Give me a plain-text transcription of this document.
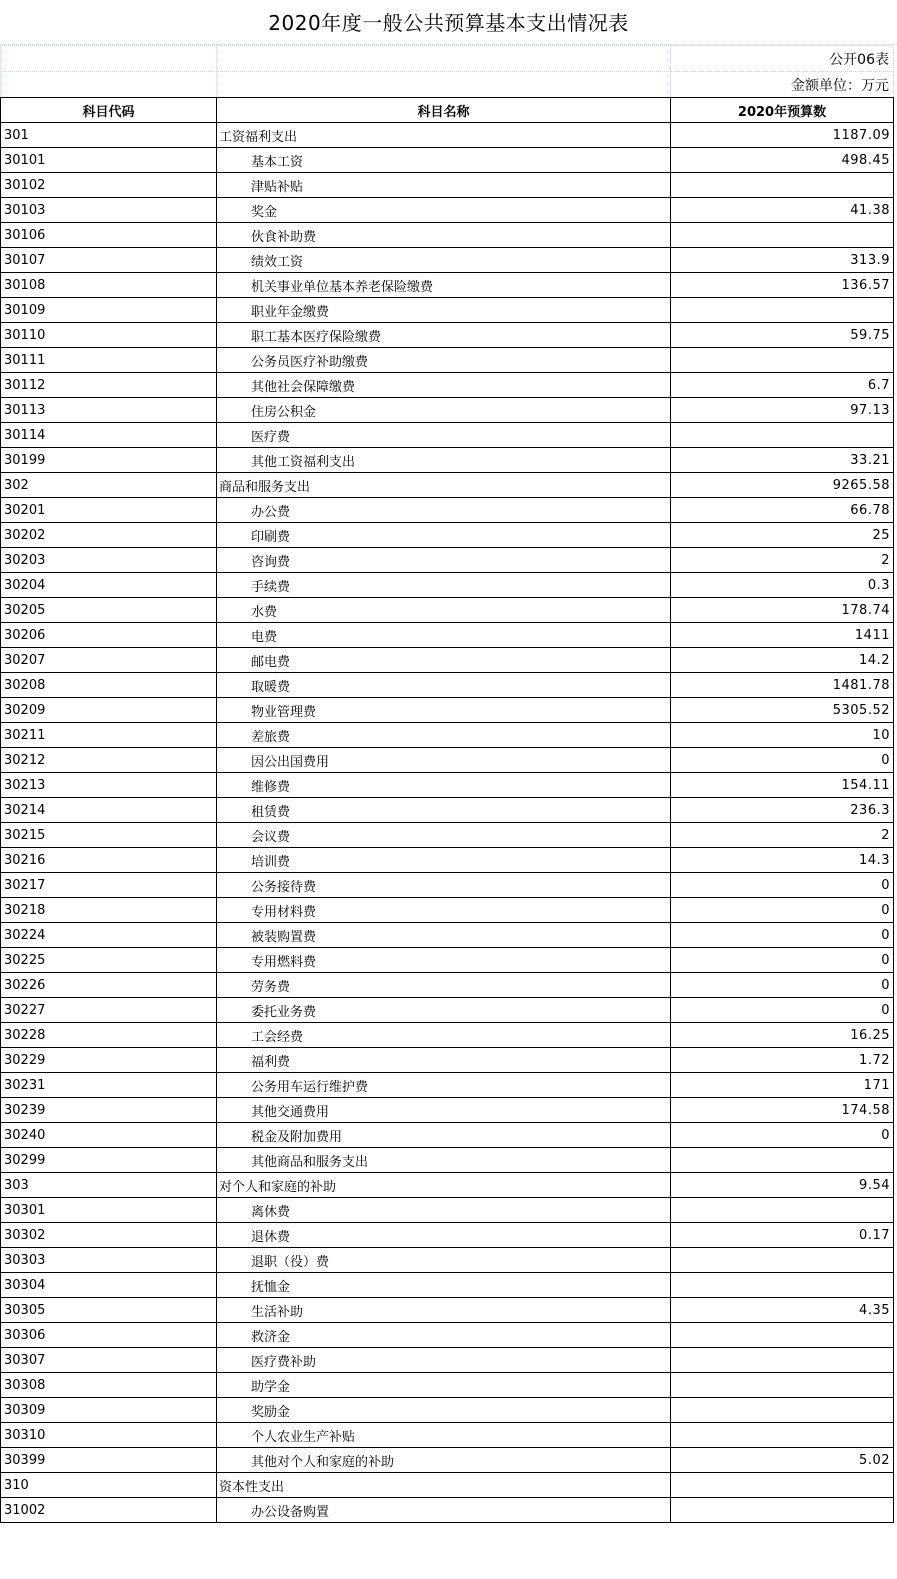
2020年度一般公共预算基本支出情况表
		公开06表
		金额单位：万元
科目代码	科目名称	2020年预算数
301	工资福利支出	1187.09
30101	基本工资	498.45
30102	津贴补贴	
30103	奖金	41.38
30106	伙食补助费	
30107	绩效工资	313.9
30108	机关事业单位基本养老保险缴费	136.57
30109	职业年金缴费	
30110	职工基本医疗保险缴费	59.75
30111	公务员医疗补助缴费	
30112	其他社会保障缴费	6.7
30113	住房公积金	97.13
30114	医疗费	
30199	其他工资福利支出	33.21
302	商品和服务支出	9265.58
30201	办公费	66.78
30202	印刷费	25
30203	咨询费	2
30204	手续费	0.3
30205	水费	178.74
30206	电费	1411
30207	邮电费	14.2
30208	取暖费	1481.78
30209	物业管理费	5305.52
30211	差旅费	10
30212	因公出国费用	0
30213	维修费	154.11
30214	租赁费	236.3
30215	会议费	2
30216	培训费	14.3
30217	公务接待费	0
30218	专用材料费	0
30224	被装购置费	0
30225	专用燃料费	0
30226	劳务费	0
30227	委托业务费	0
30228	工会经费	16.25
30229	福利费	1.72
30231	公务用车运行维护费	171
30239	其他交通费用	174.58
30240	税金及附加费用	0
30299	其他商品和服务支出	
303	对个人和家庭的补助	9.54
30301	离休费	
30302	退休费	0.17
30303	退职（役）费	
30304	抚恤金	
30305	生活补助	4.35
30306	救济金	
30307	医疗费补助	
30308	助学金	
30309	奖励金	
30310	个人农业生产补贴	
30399	其他对个人和家庭的补助	5.02
310	资本性支出	
31002	办公设备购置	
